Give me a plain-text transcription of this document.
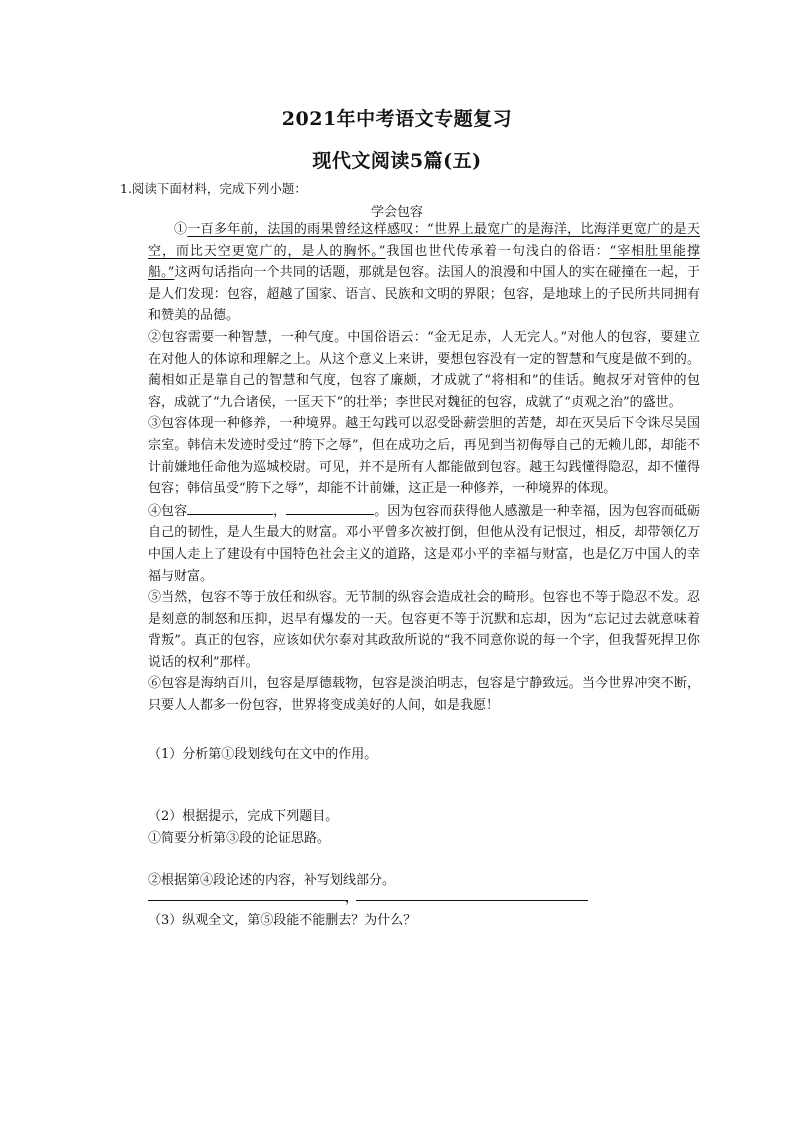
2021年中考语文专题复习
现代文阅读5篇(五)
1.阅读下面材料，完成下列小题：
学会包容

①一百多年前，法国的雨果曾经这样感叹：“世界上最宽广的是海洋，比海洋更宽广的是天空，而比天空更宽广的，是人的胸怀。”我国也世代传承着一句浅白的俗语：“宰相肚里能撑船。”这两句话指向一个共同的话题，那就是包容。法国人的浪漫和中国人的实在碰撞在一起，于是人们发现：包容，超越了国家、语言、民族和文明的界限；包容，是地球上的子民所共同拥有和赞美的品德。

②包容需要一种智慧，一种气度。中国俗语云：“金无足赤，人无完人。”对他人的包容，要建立在对他人的体谅和理解之上。从这个意义上来讲，要想包容没有一定的智慧和气度是做不到的。蔺相如正是靠自己的智慧和气度，包容了廉颇，才成就了“将相和”的佳话。鲍叔牙对管仲的包容，成就了“九合诸侯，一匡天下”的壮举；李世民对魏征的包容，成就了“贞观之治”的盛世。

③包容体现一种修养，一种境界。越王勾践可以忍受卧薪尝胆的苦楚，却在灭吴后下令诛尽吴国宗室。韩信未发迹时受过“胯下之辱”，但在成功之后，再见到当初侮辱自己的无赖儿郎，却能不计前嫌地任命他为巡城校尉。可见，并不是所有人都能做到包容。越王勾践懂得隐忍，却不懂得包容；韩信虽受“胯下之辱”，却能不计前嫌，这正是一种修养，一种境界的体现。

④包容	，	。因为包容而获得他人感激是一种幸福，因为包容而砥砺自己的韧性，是人生最大的财富。邓小平曾多次被打倒，但他从没有记恨过，相反，却带领亿万中国人走上了建设有中国特色社会主义的道路，这是邓小平的幸福与财富，也是亿万中国人的幸福与财富。

⑤当然，包容不等于放任和纵容。无节制的纵容会造成社会的畸形。包容也不等于隐忍不发。忍是刻意的制怒和压抑，迟早有爆发的一天。包容更不等于沉默和忘却，因为“忘记过去就意味着背叛”。真正的包容，应该如伏尔泰对其政敌所说的“我不同意你说的每一个字，但我誓死捍卫你说话的权利”那样。

⑥包容是海纳百川，包容是厚德载物，包容是淡泊明志，包容是宁静致远。当今世界冲突不断，只要人人都多一份包容，世界将变成美好的人间，如是我愿！

（1）分析第①段划线句在文中的作用。
（2）根据提示，完成下列题目。
①简要分析第③段的论证思路。
②根据第④段论述的内容，补写划线部分。
，
（3）纵观全文，第⑤段能不能删去？为什么？
